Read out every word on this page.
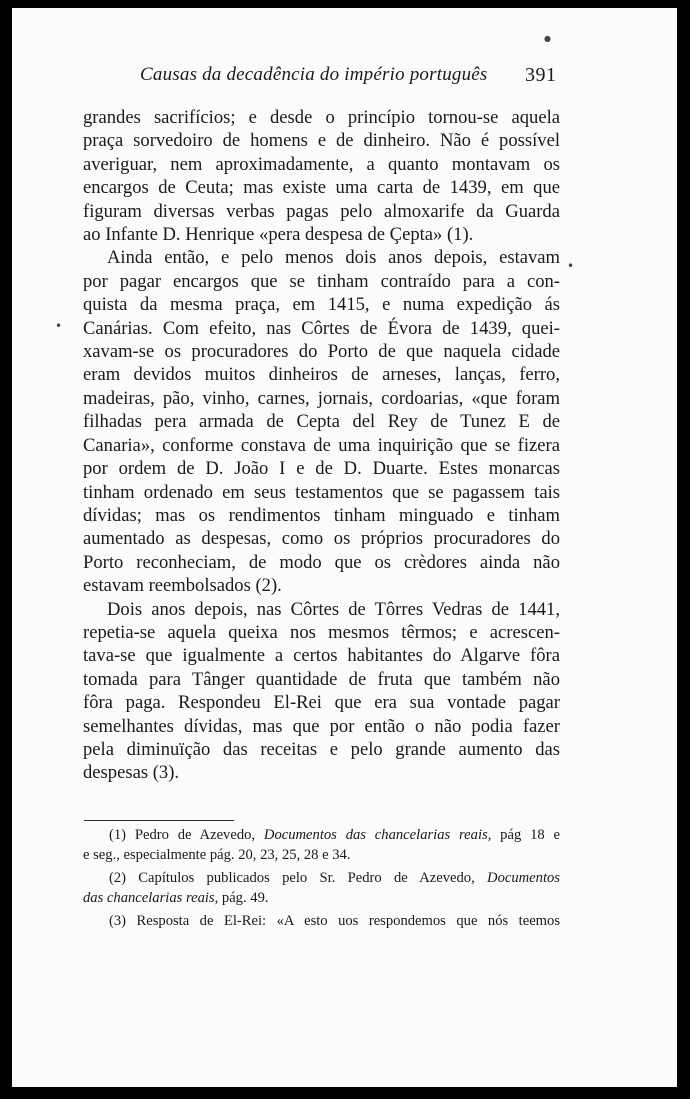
Causas da decadência do império português	391
●
•
•
grandes sacrifícios; e desde o princípio tornou-se aquela
praça sorvedoiro de homens e de dinheiro. Não é possível
averiguar, nem aproximadamente, a quanto montavam os
encargos de Ceuta; mas existe uma carta de 1439, em que
figuram diversas verbas pagas pelo almoxarife da Guarda
ao Infante D. Henrique «pera despesa de Çepta» (1).
Ainda então, e pelo menos dois anos depois, estavam
por pagar encargos que se tinham contraído para a con-
quista da mesma praça, em 1415, e numa expedição ás
Canárias. Com efeito, nas Côrtes de Évora de 1439, quei-
xavam-se os procuradores do Porto de que naquela cidade
eram devidos muitos dinheiros de arneses, lanças, ferro,
madeiras, pão, vinho, carnes, jornais, cordoarias, «que foram
filhadas pera armada de Cepta del Rey de Tunez E de
Canaria», conforme constava de uma inquirição que se fizera
por ordem de D. João I e de D. Duarte. Estes monarcas
tinham ordenado em seus testamentos que se pagassem tais
dívidas; mas os rendimentos tinham minguado e tinham
aumentado as despesas, como os próprios procuradores do
Porto reconheciam, de modo que os crèdores ainda não
estavam reembolsados (2).
Dois anos depois, nas Côrtes de Tôrres Vedras de 1441,
repetia-se aquela queixa nos mesmos têrmos; e acrescen-
tava-se que igualmente a certos habitantes do Algarve fôra
tomada para Tânger quantidade de fruta que também não
fôra paga. Respondeu El-Rei que era sua vontade pagar
semelhantes dívidas, mas que por então o não podia fazer
pela diminuïção das receitas e pelo grande aumento das
despesas (3).
(1) Pedro de Azevedo, Documentos das chancelarias reais, pág 18 e
e seg., especialmente pág. 20, 23, 25, 28 e 34.
(2) Capítulos publicados pelo Sr. Pedro de Azevedo, Documentos
das chancelarias reais, pág. 49.
(3) Resposta de El-Rei: «A esto uos respondemos que nós teemos
